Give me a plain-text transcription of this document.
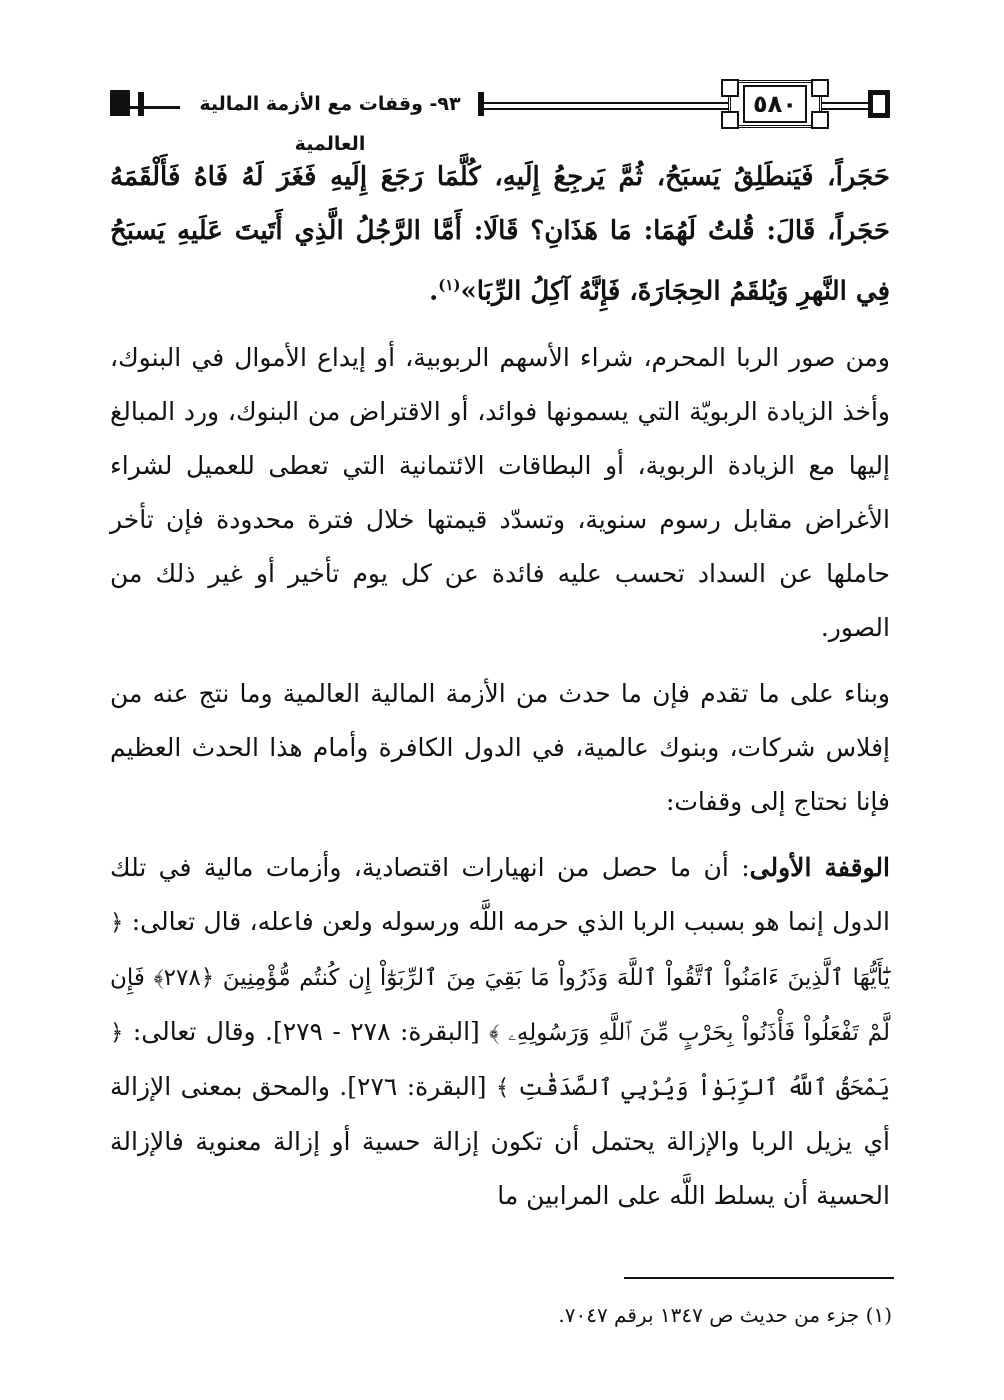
٩٣- وقفات مع الأزمة المالية العالمية
٥٨٠

حَجَراً، فَيَنطَلِقُ يَسبَحُ، ثُمَّ يَرجِعُ إِلَيهِ، كُلَّمَا رَجَعَ إِلَيهِ فَغَرَ لَهُ فَاهُ فَأَلْقَمَهُ حَجَراً، قَالَ: قُلتُ لَهُمَا: مَا هَذَانِ؟ قَالَا: أَمَّا الرَّجُلُ الَّذِي أَتَيتَ عَلَيهِ يَسبَحُ فِي النَّهرِ وَيُلقَمُ الحِجَارَةَ، فَإِنَّهُ آكِلُ الرِّبَا»$^{(١)}$.

ومن صور الربا المحرم، شراء الأسهم الربوبية، أو إيداع الأموال في البنوك، وأخذ الزيادة الربويّة التي يسمونها فوائد، أو الاقتراض من البنوك، ورد المبالغ إليها مع الزيادة الربوية، أو البطاقات الائتمانية التي تعطى للعميل لشراء الأغراض مقابل رسوم سنوية، وتسدّد قيمتها خلال فترة محدودة فإن تأخر حاملها عن السداد تحسب عليه فائدة عن كل يوم تأخير أو غير ذلك من الصور.

وبناء على ما تقدم فإن ما حدث من الأزمة المالية العالمية وما نتج عنه من إفلاس شركات، وبنوك عالمية، في الدول الكافرة وأمام هذا الحدث العظيم فإنا نحتاج إلى وقفات:

الوقفة الأولى: أن ما حصل من انهيارات اقتصادية، وأزمات مالية في تلك الدول إنما هو بسبب الربا الذي حرمه اللَّه ورسوله ولعن فاعله، قال تعالى: ﴿ يَٰٓأَيُّهَا ٱلَّذِينَ ءَامَنُواْ ٱتَّقُواْ ٱللَّهَ وَذَرُواْ مَا بَقِيَ مِنَ ٱلرِّبَوٰٓاْ إِن كُنتُم مُّؤْمِنِينَ ﴿٢٧٨﴾ فَإِن لَّمْ تَفْعَلُواْ فَأْذَنُواْ بِحَرْبٍ مِّنَ ٱللَّهِ وَرَسُولِهِۦ ﴾ [البقرة: ٢٧٨ - ٢٧٩]. وقال تعالى: ﴿ يَمْحَقُ ٱللَّهُ ٱلرِّبَوٰاْ وَيُرْبِي ٱلصَّدَقَٰتِ ﴾ [البقرة: ٢٧٦]. والمحق بمعنى الإزالة أي يزيل الربا والإزالة يحتمل أن تكون إزالة حسية أو إزالة معنوية فالإزالة الحسية أن يسلط اللَّه على المرابين ما

(١) جزء من حديث ص ١٣٤٧ برقم ٧٠٤٧.
